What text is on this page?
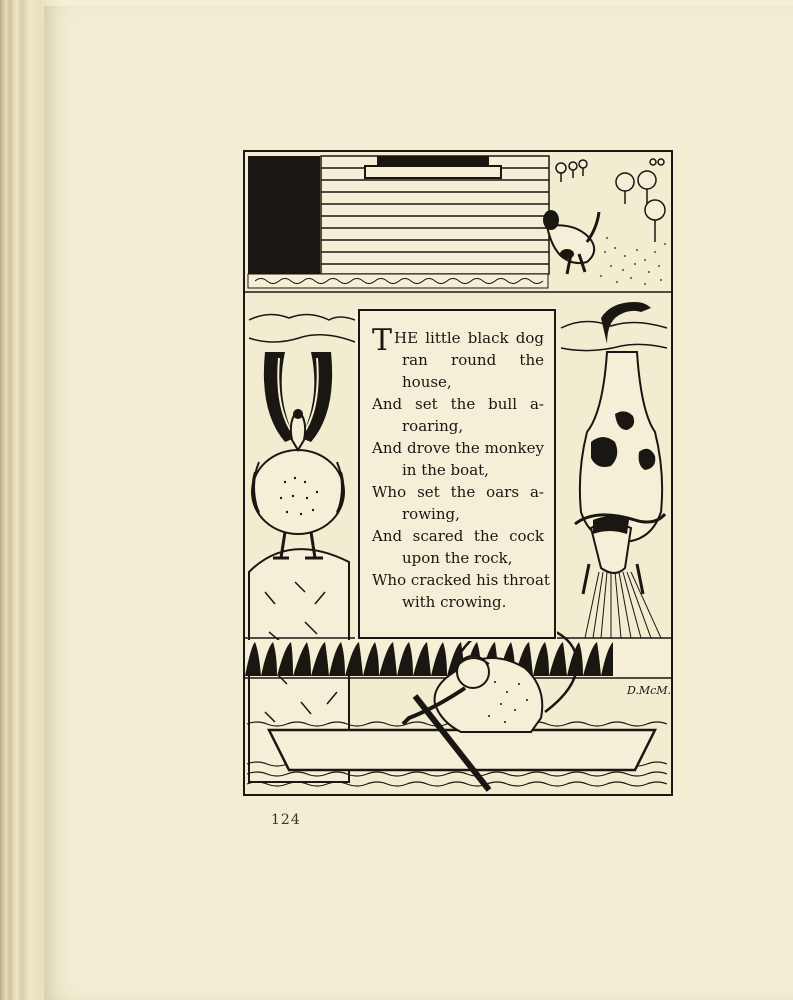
T HE little black dog
ran round the
house,
And set the bull a-
roaring,
And drove the monkey
in the boat,
Who set the oars a-
rowing,
And scared the cock
upon the rock,
Who cracked his throat
with crowing.
D.McM.
124
